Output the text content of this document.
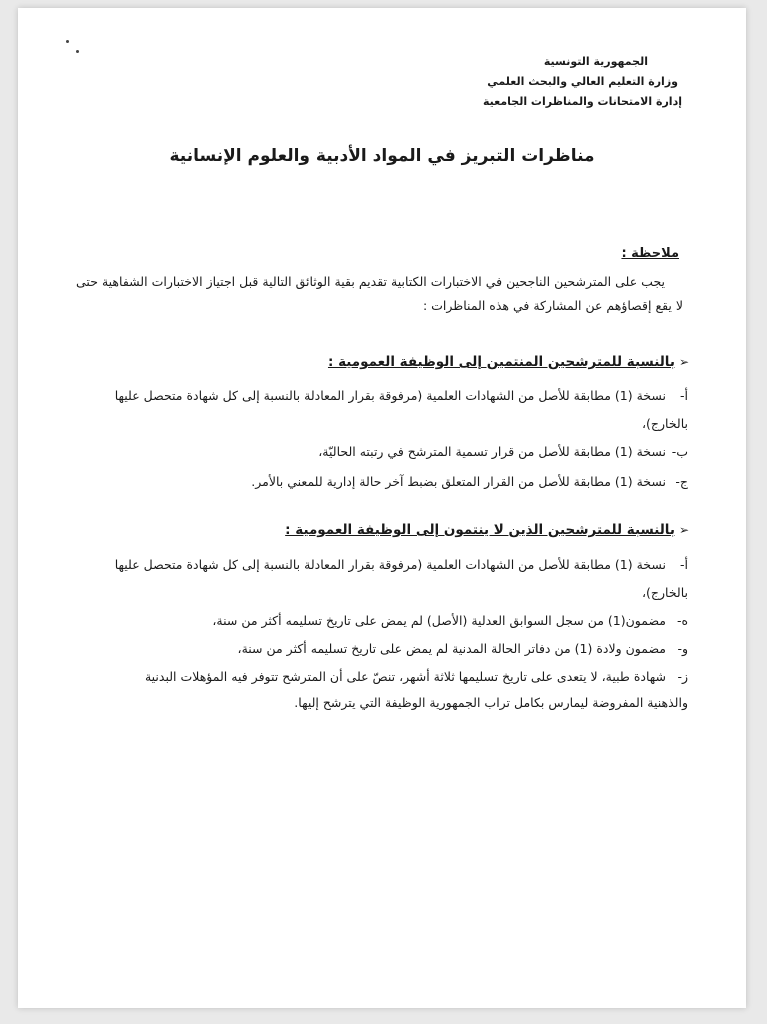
الجمهورية التونسية
وزارة التعليم العالي والبحث العلمي
إدارة الامتحانات والمناظرات الجامعية
مناظرات التبريز في المواد الأدبية والعلوم الإنسانية
ملاحظة :
يجب على المترشحين الناجحين في الاختبارات الكتابية تقديم بقية الوثائق التالية قبل اجتياز الاختبارات الشفاهية حتى لا يقع إقصاؤهم عن المشاركة في هذه المناظرات :
➢بالنسبة للمترشحين المنتمين إلى الوظيفة العمومية :
أ-نسخة (1) مطابقة للأصل من الشهادات العلمية (مرفوقة بقرار المعادلة بالنسبة إلى كل شهادة متحصل عليها
بالخارج)،
ب-نسخة (1) مطابقة للأصل من قرار تسمية المترشح في رتبته الحاليّة،
ج-نسخة (1) مطابقة للأصل من القرار المتعلق بضبط آخر حالة إدارية للمعني بالأمر.
➢بالنسبة للمترشحين الذين لا ينتمون إلى الوظيفة العمومية :
أ-نسخة (1) مطابقة للأصل من الشهادات العلمية (مرفوقة بقرار المعادلة بالنسبة إلى كل شهادة متحصل عليها
بالخارج)،
ه-مضمون(1) من سجل السوابق العدلية (الأصل) لم يمض على تاريخ تسليمه أكثر من سنة،
و-مضمون ولادة (1) من دفاتر الحالة المدنية لم يمض على تاريخ تسليمه أكثر من سنة،
ز-شهادة طبية، لا يتعدى على تاريخ تسليمها ثلاثة أشهر، تنصّ على أن المترشح تتوفر فيه المؤهلات البدنية
والذهنية المفروضة ليمارس بكامل تراب الجمهورية الوظيفة التي يترشح إليها.
